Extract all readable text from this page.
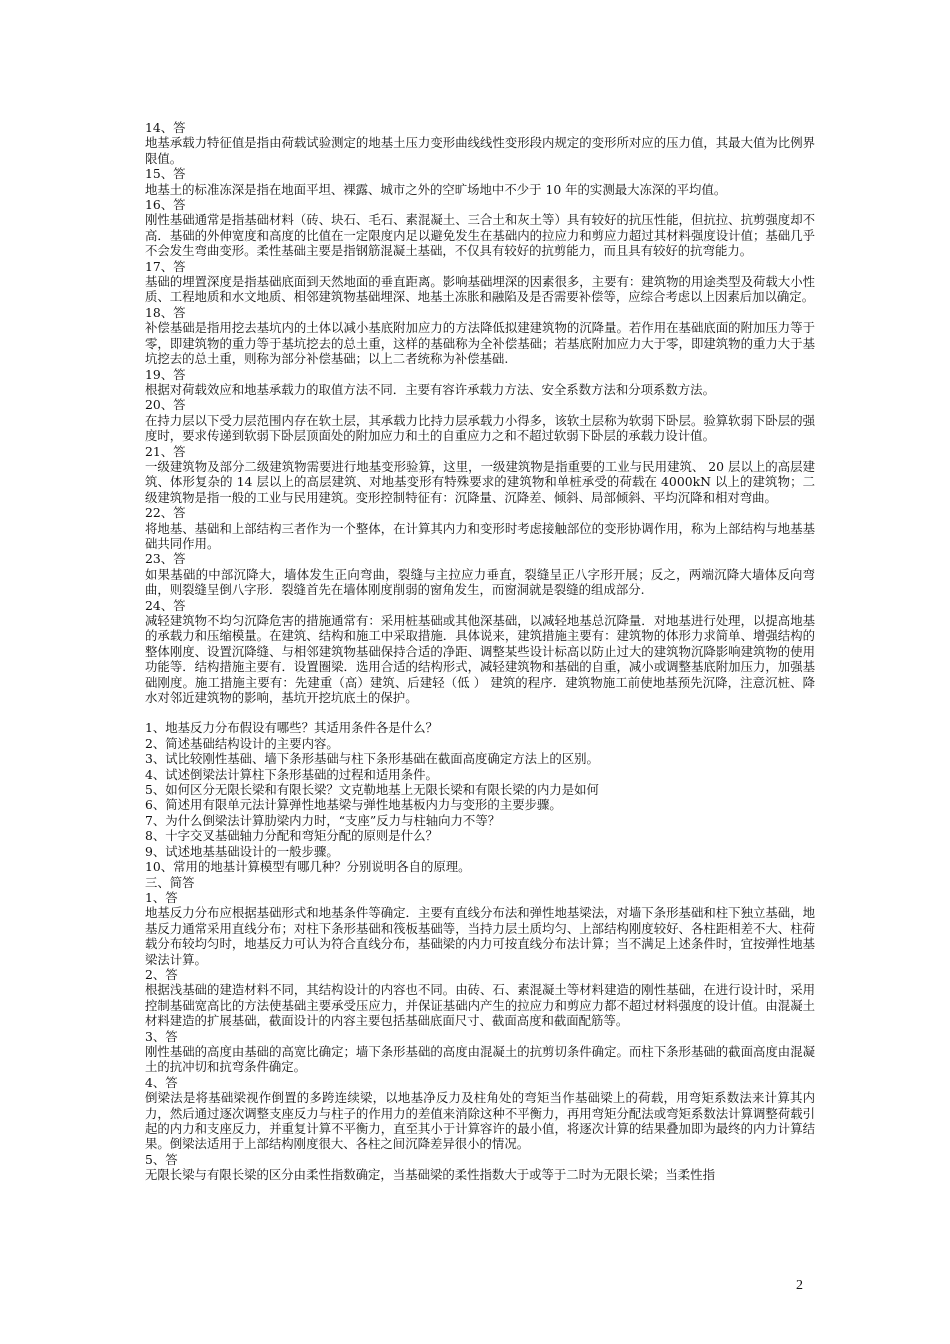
14、答
地基承载力特征值是指由荷载试验测定的地基土压力变形曲线线性变形段内规定的变形所对应的压力值，其最大值为比例界限值。
15、答
地基土的标准冻深是指在地面平坦、裸露、城市之外的空旷场地中不少于 10 年的实测最大冻深的平均值。
16、答
刚性基础通常是指基础材料（砖、块石、毛石、素混凝土、三合土和灰土等）具有较好的抗压性能，但抗拉、抗剪强度却不高．基础的外伸宽度和高度的比值在一定限度内足以避免发生在基础内的拉应力和剪应力超过其材料强度设计值；基础几乎不会发生弯曲变形。柔性基础主要是指钢筋混凝土基础，不仅具有较好的抗剪能力，而且具有较好的抗弯能力。
17、答
基础的埋置深度是指基础底面到天然地面的垂直距离。影响基础埋深的因素很多，主要有：建筑物的用途类型及荷载大小性质、工程地质和水文地质、相邻建筑物基础埋深、地基土冻胀和融陷及是否需要补偿等，应综合考虑以上因素后加以确定。
18、答
补偿基础是指用挖去基坑内的土体以减小基底附加应力的方法降低拟建建筑物的沉降量。若作用在基础底面的附加压力等于零，即建筑物的重力等于基坑挖去的总土重，这样的基础称为全补偿基础；若基底附加应力大于零，即建筑物的重力大于基坑挖去的总土重，则称为部分补偿基础；以上二者统称为补偿基础.
19、答
根据对荷载效应和地基承载力的取值方法不同．主要有容许承载力方法、安全系数方法和分项系数方法。
20、答
在持力层以下受力层范围内存在软土层，其承载力比持力层承载力小得多，该软土层称为软弱下卧层。验算软弱下卧层的强度时，要求传递到软弱下卧层顶面处的附加应力和土的自重应力之和不超过软弱下卧层的承载力设计值。
21、答
一级建筑物及部分二级建筑物需要进行地基变形验算，这里，一级建筑物是指重要的工业与民用建筑、 20 层以上的高层建筑、体形复杂的 14 层以上的高层建筑、对地基变形有特殊要求的建筑物和单桩承受的荷载在 4000kN 以上的建筑物；二级建筑物是指一般的工业与民用建筑。变形控制特征有：沉降量、沉降差、倾斜、局部倾斜、平均沉降和相对弯曲。
22、答
将地基、基础和上部结构三者作为一个整体，在计算其内力和变形时考虑接触部位的变形协调作用，称为上部结构与地基基础共同作用。
23、答
如果基础的中部沉降大，墙体发生正向弯曲，裂缝与主拉应力垂直，裂缝呈正八字形开展；反之，两端沉降大墙体反向弯曲，则裂缝呈倒八字形．裂缝首先在墙体刚度削弱的窗角发生，而窗洞就是裂缝的组成部分.
24、答
减轻建筑物不均匀沉降危害的措施通常有：采用桩基础或其他深基础，以减轻地基总沉降量．对地基进行处理，以提高地基的承载力和压缩模量。在建筑、结构和施工中采取措施．具体说来，建筑措施主要有：建筑物的体形力求简单、增强结构的整体刚度、设置沉降缝、与相邻建筑物基础保持合适的净距、调整某些设计标高以防止过大的建筑物沉降影响建筑物的使用功能等．结构措施主要有．设置圈梁．选用合适的结构形式，减轻建筑物和基础的自重，减小或调整基底附加压力，加强基础刚度。施工措施主要有：先建重（高）建筑、后建轻（低 ） 建筑的程序．建筑物施工前使地基预先沉降，注意沉桩、降水对邻近建筑物的影响，基坑开挖坑底土的保护。
1、地基反力分布假设有哪些？其适用条件各是什么？
2、简述基础结构设计的主要内容。
3、试比较刚性基础、墙下条形基础与柱下条形基础在截面高度确定方法上的区别。
4、试述倒梁法计算柱下条形基础的过程和适用条件。
5、如何区分无限长梁和有限长梁？文克勒地基上无限长梁和有限长梁的内力是如何
6、简述用有限单元法计算弹性地基梁与弹性地基板内力与变形的主要步骤。
7、为什么倒梁法计算肋梁内力时，“支座”反力与柱轴向力不等？
8、十字交叉基础轴力分配和弯矩分配的原则是什么？
9、试述地基基础设计的一般步骤。
10、常用的地基计算模型有哪几种？分别说明各自的原理。
三、简答
1、答
地基反力分布应根据基础形式和地基条件等确定．主要有直线分布法和弹性地基梁法，对墙下条形基础和柱下独立基础，地基反力通常采用直线分布；对柱下条形基础和筏板基础等，当持力层土质均匀、上部结构刚度较好、各柱距相差不大、柱荷载分布较均匀时，地基反力可认为符合直线分布，基础梁的内力可按直线分布法计算；当不满足上述条件时，宜按弹性地基梁法计算。
2、答
根据浅基础的建造材料不同，其结构设计的内容也不同。由砖、石、素混凝土等材料建造的刚性基础，在进行设计时，采用控制基础宽高比的方法使基础主要承受压应力，并保证基础内产生的拉应力和剪应力都不超过材料强度的设计值。由混凝土材料建造的扩展基础，截面设计的内容主要包括基础底面尺寸、截面高度和截面配筋等。
3、答
刚性基础的高度由基础的高宽比确定；墙下条形基础的高度由混凝土的抗剪切条件确定。而柱下条形基础的截面高度由混凝土的抗冲切和抗弯条件确定。
4、答
倒梁法是将基础梁视作倒置的多跨连续梁，以地基净反力及柱角处的弯矩当作基础梁上的荷载，用弯矩系数法来计算其内力，然后通过逐次调整支座反力与柱子的作用力的差值来消除这种不平衡力，再用弯矩分配法或弯矩系数法计算调整荷载引起的内力和支座反力，并重复计算不平衡力，直至其小于计算容许的最小值，将逐次计算的结果叠加即为最终的内力计算结果。倒梁法适用于上部结构刚度很大、各柱之间沉降差异很小的情况。
5、答
无限长梁与有限长梁的区分由柔性指数确定，当基础梁的柔性指数大于或等于二时为无限长梁；当柔性指
2
